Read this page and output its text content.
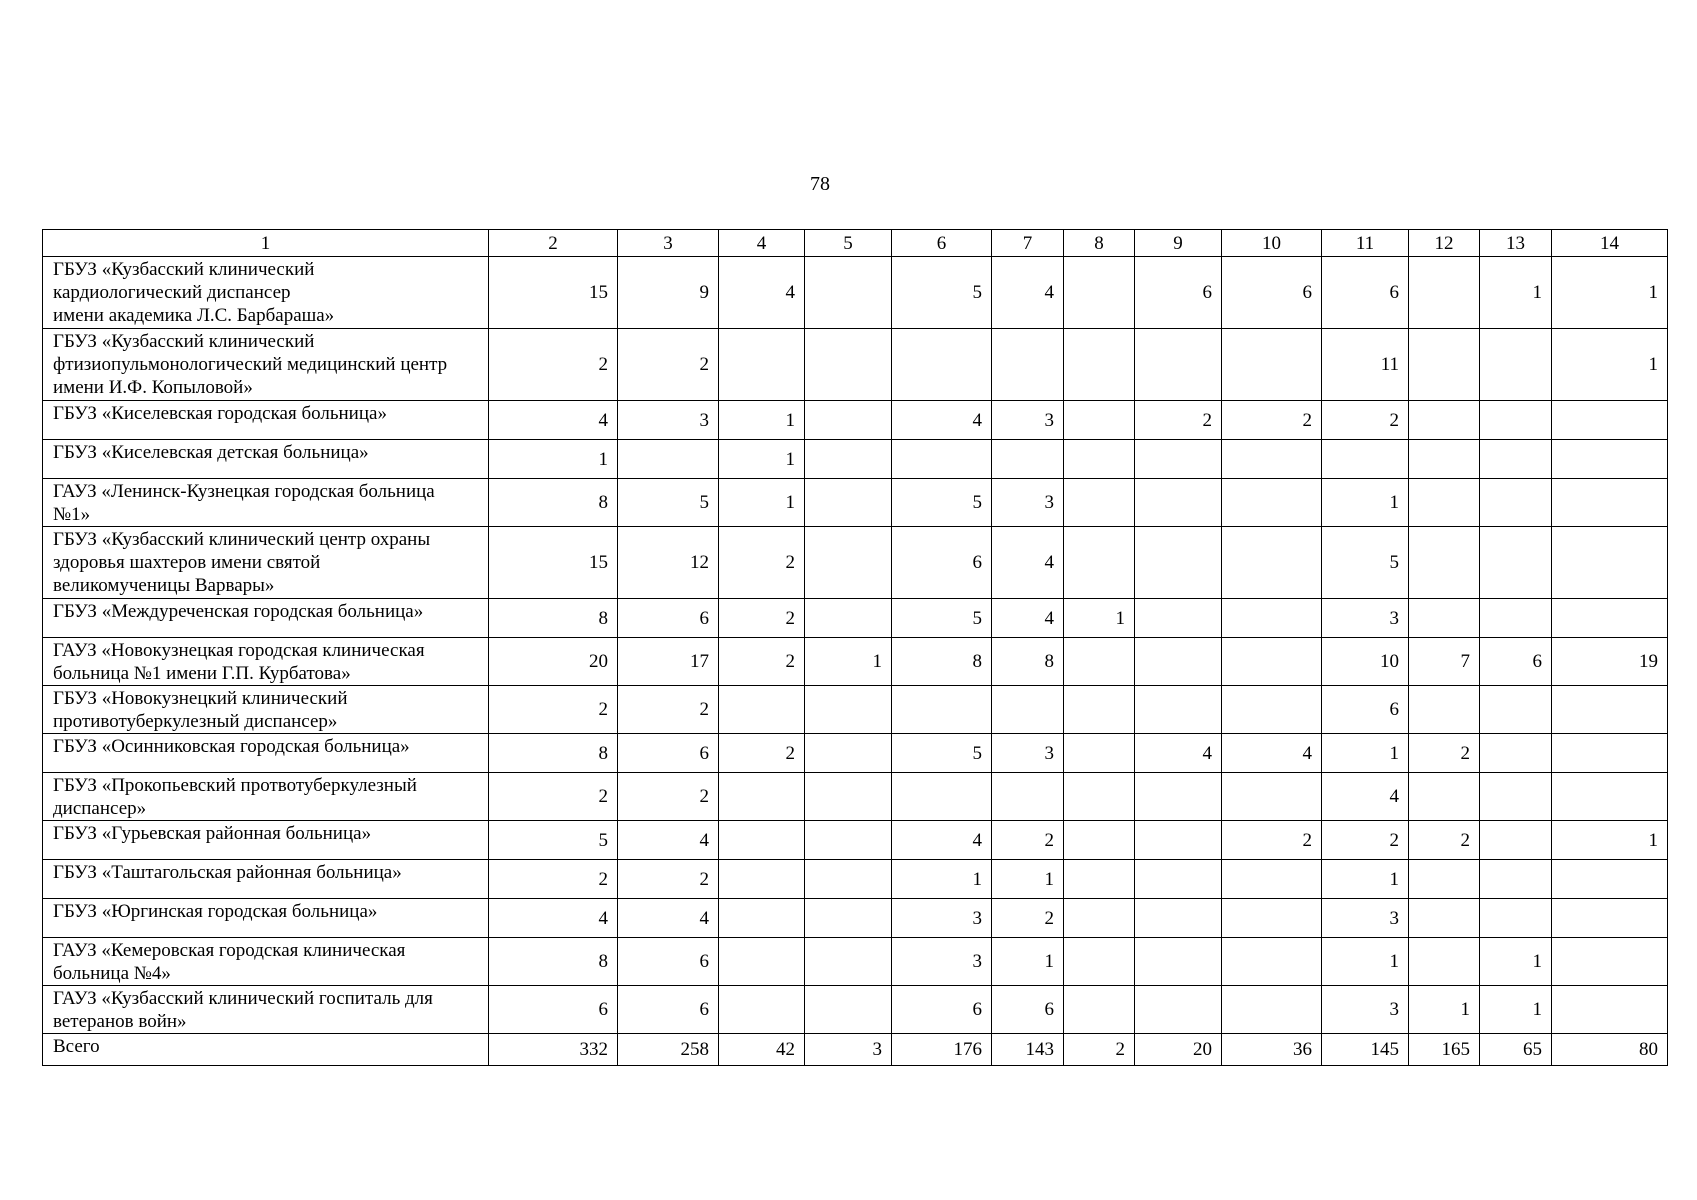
78
1	2	3	4	5	6	7	8	9	10	11	12	13	14

ГБУЗ «Кузбасский клинический
кардиологический диспансер
имени академика Л.С. Барбараша»	15	9	4		5	4		6	6	6		1	1

ГБУЗ «Кузбасский клинический
фтизиопульмонологический медицинский центр
имени И.Ф. Копыловой»	2	2								11			1

ГБУЗ «Киселевская городская больница»	4	3	1		4	3		2	2	2			

ГБУЗ «Киселевская детская больница»	1		1										

ГАУЗ «Ленинск-Кузнецкая городская больница
№1»	8	5	1		5	3				1			

ГБУЗ «Кузбасский клинический центр охраны
здоровья шахтеров имени святой
великомученицы Варвары»	15	12	2		6	4				5			

ГБУЗ «Междуреченская городская больница»	8	6	2		5	4	1			3			

ГАУЗ «Новокузнецкая городская клиническая
больница №1 имени Г.П. Курбатова»	20	17	2	1	8	8				10	7	6	19

ГБУЗ «Новокузнецкий клинический
противотуберкулезный диспансер»	2	2								6			

ГБУЗ «Осинниковская городская больница»	8	6	2		5	3		4	4	1	2		

ГБУЗ «Прокопьевский протвотуберкулезный
диспансер»	2	2								4			

ГБУЗ «Гурьевская районная больница»	5	4			4	2			2	2	2		1

ГБУЗ «Таштагольская районная больница»	2	2			1	1				1			

ГБУЗ «Юргинская городская больница»	4	4			3	2				3			

ГАУЗ «Кемеровская городская клиническая
больница №4»	8	6			3	1				1		1	

ГАУЗ «Кузбасский клинический госпиталь для
ветеранов войн»	6	6			6	6				3	1	1	

Всего	332	258	42	3	176	143	2	20	36	145	165	65	80
